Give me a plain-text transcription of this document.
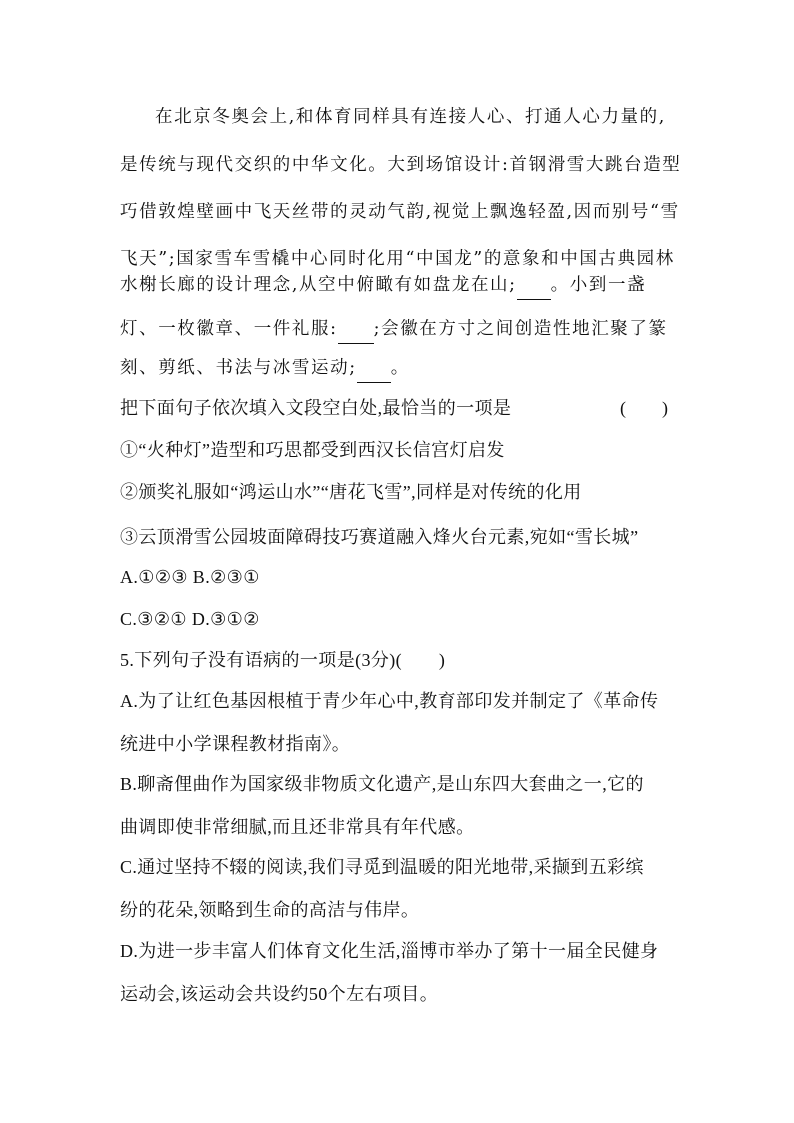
在北京冬奥会上,和体育同样具有连接人心、打通人心力量的,
是传统与现代交织的中华文化。大到场馆设计:首钢滑雪大跳台造型
巧借敦煌壁画中飞天丝带的灵动气韵,视觉上飘逸轻盈,因而别号“雪
飞天”;国家雪车雪橇中心同时化用“中国龙”的意象和中国古典园林
水榭长廊的设计理念,从空中俯瞰有如盘龙在山; 。小到一盏
灯、一枚徽章、一件礼服: ;会徽在方寸之间创造性地汇聚了篆
刻、剪纸、书法与冰雪运动; 。
把下面句子依次填入文段空白处,最恰当的一项是	(　　)
①“火种灯”造型和巧思都受到西汉长信宫灯启发
②颁奖礼服如“鸿运山水”“唐花飞雪”,同样是对传统的化用
③云顶滑雪公园坡面障碍技巧赛道融入烽火台元素,宛如“雪长城”
A.①②③ B.②③①
C.③②① D.③①②
5.下列句子没有语病的一项是(3分)(　　)
A.为了让红色基因根植于青少年心中,教育部印发并制定了《革命传
统进中小学课程教材指南》。
B.聊斋俚曲作为国家级非物质文化遗产,是山东四大套曲之一,它的
曲调即使非常细腻,而且还非常具有年代感。
C.通过坚持不辍的阅读,我们寻觅到温暖的阳光地带,采撷到五彩缤
纷的花朵,领略到生命的高洁与伟岸。
D.为进一步丰富人们体育文化生活,淄博市举办了第十一届全民健身
运动会,该运动会共设约50个左右项目。
